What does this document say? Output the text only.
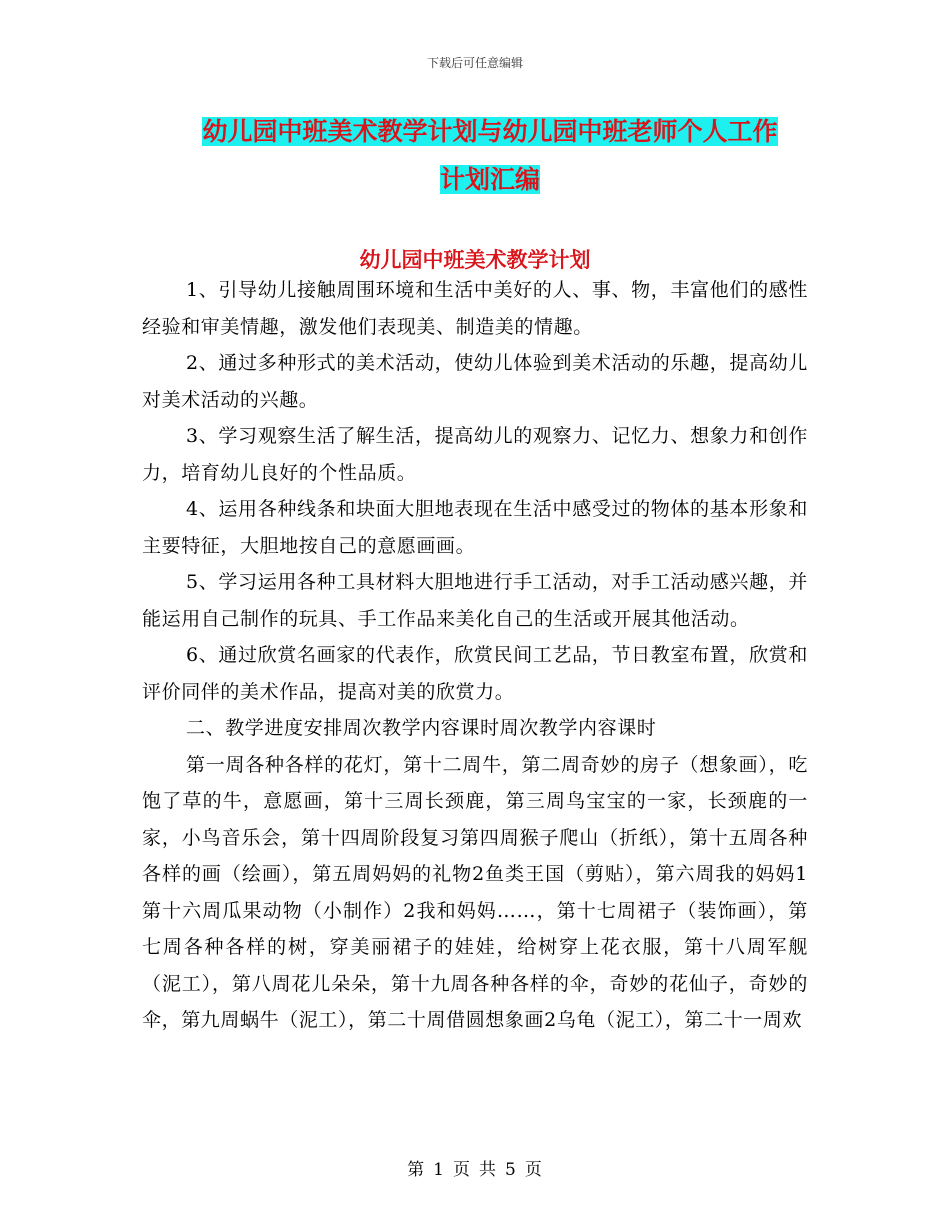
下载后可任意编辑
幼儿园中班美术教学计划与幼儿园中班老师个人工作
计划汇编
幼儿园中班美术教学计划

1、引导幼儿接触周围环境和生活中美好的人、事、物，丰富他们的感性经验和审美情趣，激发他们表现美、制造美的情趣。

2、通过多种形式的美术活动，使幼儿体验到美术活动的乐趣，提高幼儿对美术活动的兴趣。

3、学习观察生活了解生活，提高幼儿的观察力、记忆力、想象力和创作力，培育幼儿良好的个性品质。

4、运用各种线条和块面大胆地表现在生活中感受过的物体的基本形象和主要特征，大胆地按自己的意愿画画。

5、学习运用各种工具材料大胆地进行手工活动，对手工活动感兴趣，并能运用自己制作的玩具、手工作品来美化自己的生活或开展其他活动。

6、通过欣赏名画家的代表作，欣赏民间工艺品，节日教室布置，欣赏和评价同伴的美术作品，提高对美的欣赏力。

二、教学进度安排周次教学内容课时周次教学内容课时

第一周各种各样的花灯，第十二周牛，第二周奇妙的房子（想象画），吃饱了草的牛，意愿画，第十三周长颈鹿，第三周鸟宝宝的一家，长颈鹿的一家，小鸟音乐会，第十四周阶段复习第四周猴子爬山（折纸），第十五周各种各样的画（绘画），第五周妈妈的礼物2鱼类王国（剪贴），第六周我的妈妈1第十六周瓜果动物（小制作）2我和妈妈……，第十七周裙子（装饰画），第七周各种各样的树，穿美丽裙子的娃娃，给树穿上花衣服，第十八周军舰（泥工），第八周花儿朵朵，第十九周各种各样的伞，奇妙的花仙子，奇妙的伞，第九周蜗牛（泥工），第二十周借圆想象画2乌龟（泥工），第二十一周欢

第 1 页 共 5 页
